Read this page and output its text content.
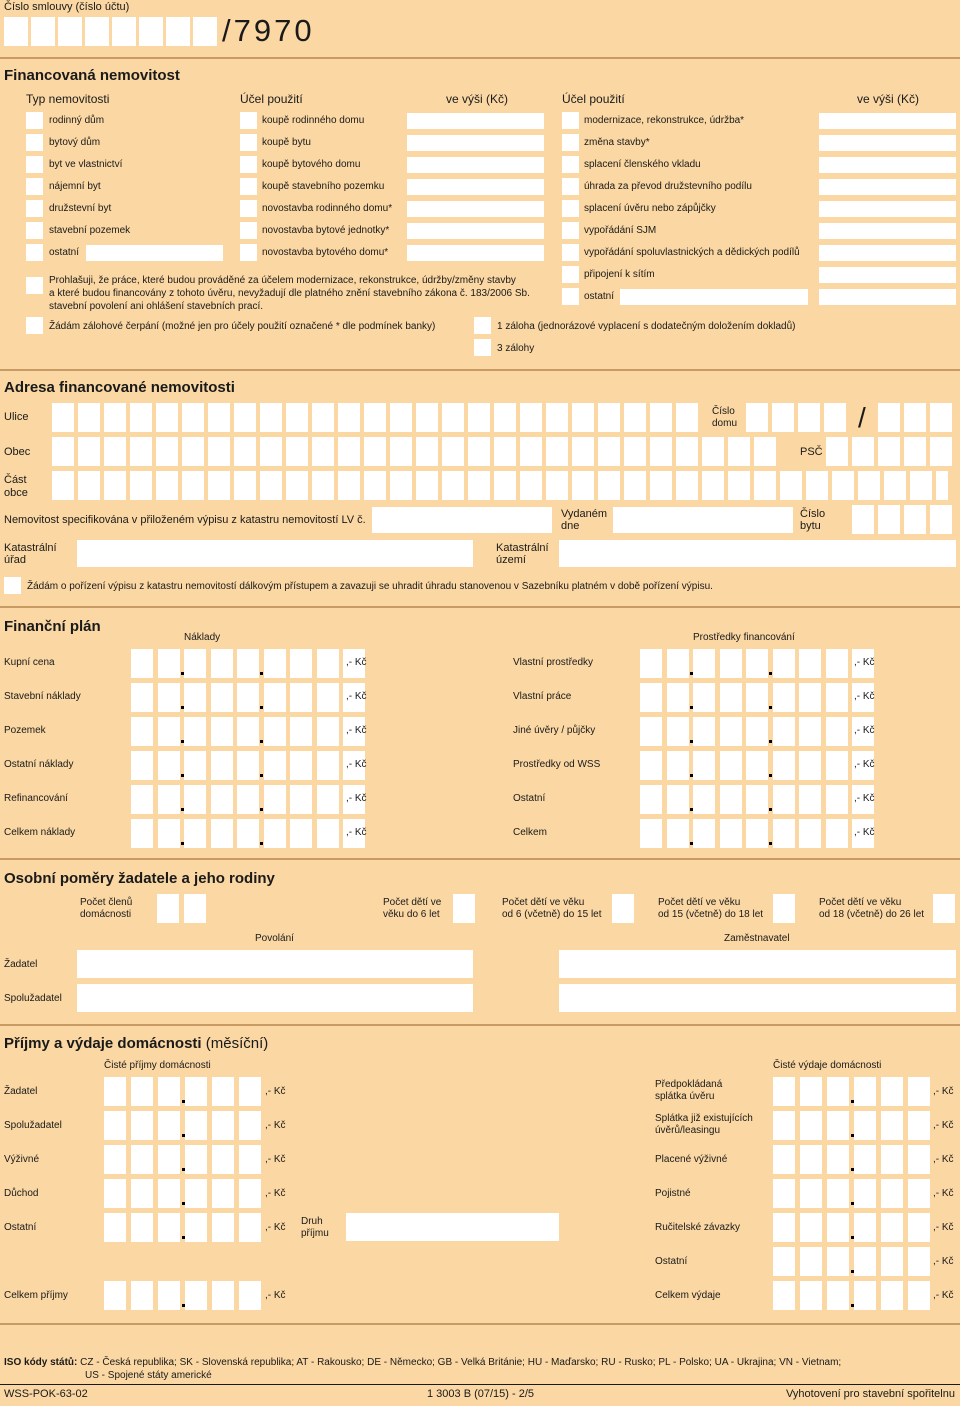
Číslo smlouvy (číslo účtu)
/7970
Financovaná nemovitost
Typ nemovitosti	Účel použití	ve výši (Kč)	Účel použití	ve výši (Kč)
rodinný dům	koupě rodinného domu	modernizace, rekonstrukce, údržba*
bytový dům	koupě bytu	změna stavby*
byt ve vlastnictví	koupě bytového domu	splacení členského vkladu
nájemní byt	koupě stavebního pozemku	úhrada za převod družstevního podílu
družstevní byt	novostavba rodinného domu*	splacení úvěru nebo zápůjčky
stavební pozemek	novostavba bytové jednotky*	vypořádání SJM
ostatní	novostavba bytového domu*	vypořádání spoluvlastnických a dědických podílů
připojení k sítím
ostatní
Prohlašuji, že práce, které budou prováděné za účelem modernizace, rekonstrukce, údržby/změny stavby
a které budou financovány z tohoto úvěru, nevyžadují dle platného znění stavebního zákona č. 183/2006 Sb.
stavební povolení ani ohlášení stavebních prací.
Žádám zálohové čerpání (možné jen pro účely použití označené * dle podmínek banky)	1 záloha (jednorázové vyplacení s dodatečným doložením dokladů)
3 zálohy
Adresa financované nemovitosti
Ulice	Číslo
domu	/
Obec	PSČ
Část
obce
Nemovitost specifikována v přiloženém výpisu z katastru nemovitostí LV č.	Vydaném
dne
Číslo
bytu
Katastrální
úřad
Katastrální
území
Žádám o pořízení výpisu z katastru nemovitostí dálkovým přístupem a zavazuji se uhradit úhradu stanovenou v Sazebníku platném v době pořízení výpisu.
Finanční plán
Náklady	Prostředky financování
Kupní cena	,- Kč	Vlastní prostředky	,- Kč
Stavební náklady	,- Kč	Vlastní práce	,- Kč
Pozemek	,- Kč	Jiné úvěry / půjčky	,- Kč
Ostatní náklady	,- Kč	Prostředky od WSS	,- Kč
Refinancování	,- Kč	Ostatní	,- Kč
Celkem náklady	,- Kč	Celkem	,- Kč
Osobní poměry žadatele a jeho rodiny
Počet členů
domácnosti
Počet dětí ve
věku do 6 let
Počet dětí ve věku
od 6 (včetně) do 15 let
Počet dětí ve věku
od 15 (včetně) do 18 let
Počet dětí ve věku
od 18 (včetně) do 26 let
Povolání	Zaměstnavatel
Žadatel
Spolužadatel
Příjmy a výdaje domácnosti (měsíční)
Čisté příjmy domácnosti	Čisté výdaje domácnosti
Žadatel	,- Kč
Spolužadatel	,- Kč
Výživné	,- Kč
Důchod	,- Kč
Ostatní	,- Kč
Celkem příjmy	,- Kč
Předpokládaná
splátka úvěru	,- Kč
Splátka již existujících
úvěrů/leasingu	,- Kč
Placené výživné	,- Kč
Pojistné	,- Kč
Ručitelské závazky	,- Kč
Ostatní	,- Kč
Celkem výdaje	,- Kč
Druh
příjmu
ISO kódy států: CZ - Česká republika; SK - Slovenská republika; AT - Rakousko; DE - Německo; GB - Velká Británie; HU - Maďarsko; RU - Rusko; PL - Polsko; UA - Ukrajina; VN - Vietnam;
US - Spojené státy americké
WSS-POK-63-02	1 3003 B (07/15) - 2/5	Vyhotovení pro stavební spořitelnu
